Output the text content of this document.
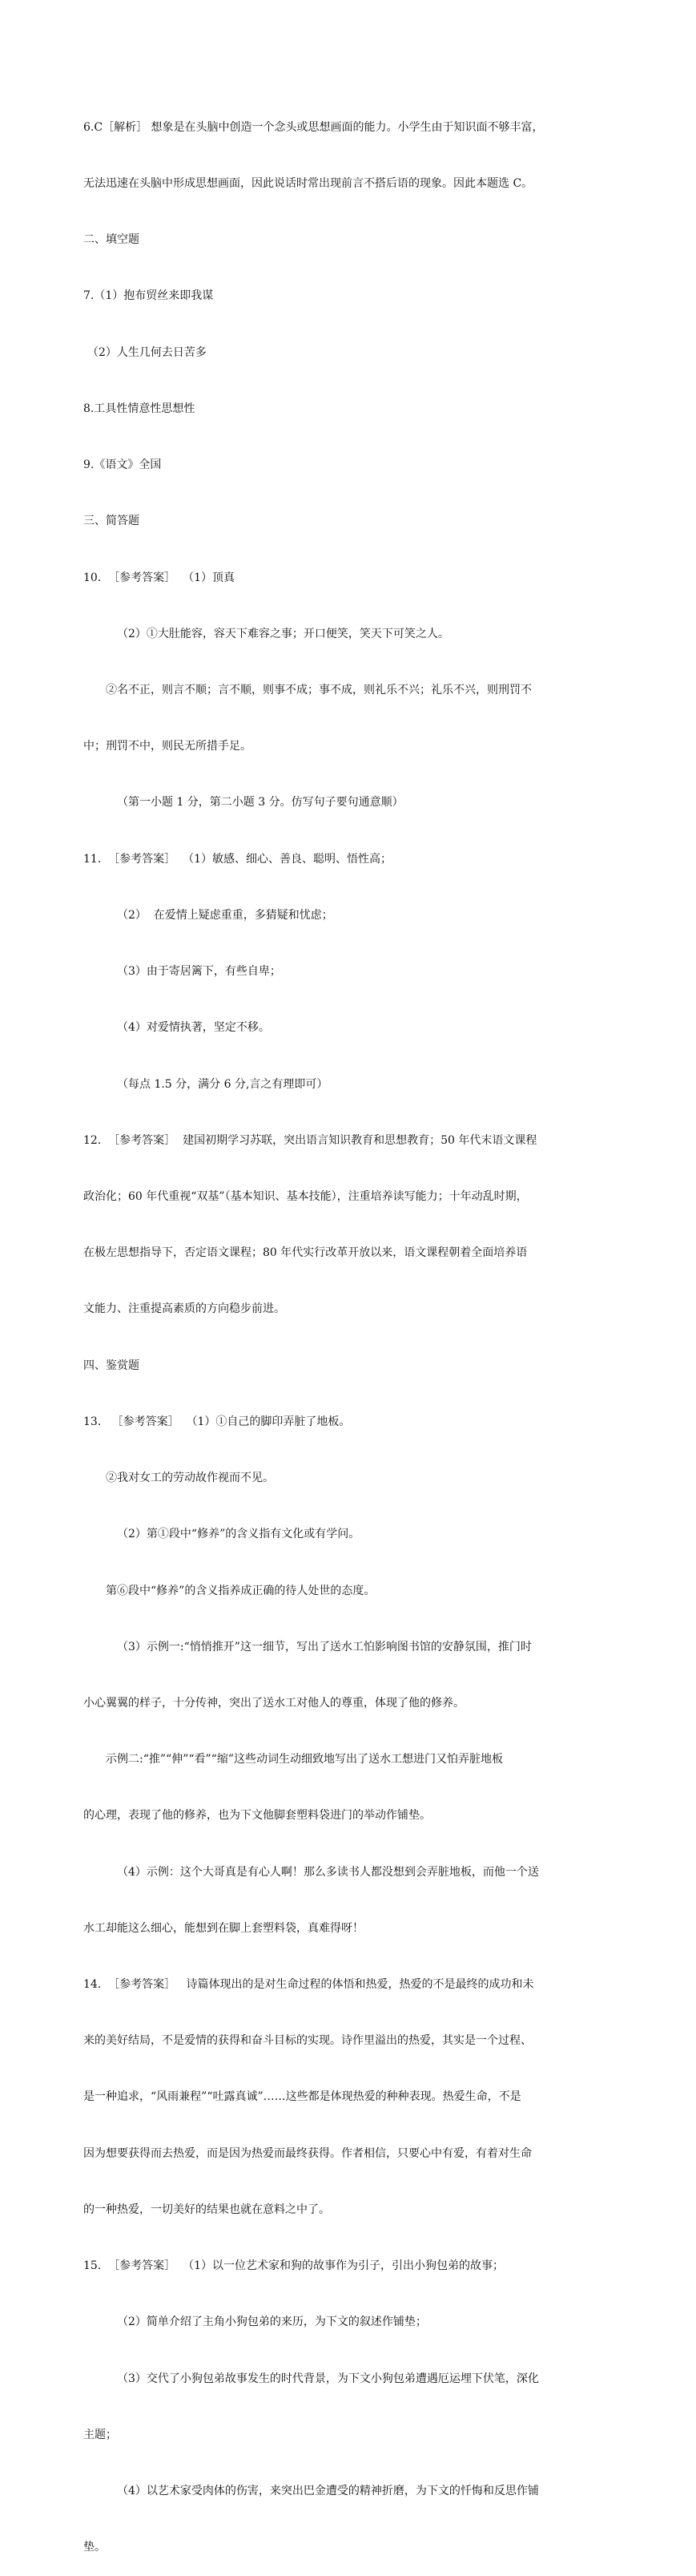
6.C［解析］ 想象是在头脑中创造一个念头或思想画面的能力。小学生由于知识面不够丰富，

无法迅速在头脑中形成思想画面，因此说话时常出现前言不搭后语的现象。因此本题选 C。

二、填空题

7.（1）抱布贸丝来即我谋

（2）人生几何去日苦多

8.工具性情意性思想性

9.《语文》全国

三、简答题

10.  ［参考答案］  （1）顶真

（2）①大肚能容，容天下难容之事；开口便笑，笑天下可笑之人。

②名不正，则言不顺；言不顺，则事不成；事不成，则礼乐不兴；礼乐不兴，则刑罚不

中；刑罚不中，则民无所措手足。

（第一小题 1 分，第二小题 3 分。仿写句子要句通意顺）

11.  ［参考答案］  （1）敏感、细心、善良、聪明、悟性高；

（2）  在爱情上疑虑重重，多猜疑和忧虑；

（3）由于寄居篱下，有些自卑；

（4）对爱情执著，坚定不移。

（每点 1.5 分，满分 6 分,言之有理即可）

12.  ［参考答案］  建国初期学习苏联，突出语言知识教育和思想教育；50 年代末语文课程

政治化；60 年代重视“双基”（基本知识、基本技能），注重培养读写能力；十年动乱时期，

在极左思想指导下，否定语文课程；80 年代实行改革开放以来，语文课程朝着全面培养语

文能力、注重提高素质的方向稳步前进。

四、鉴赏题

13.   ［参考答案］  （1）①自己的脚印弄脏了地板。

②我对女工的劳动故作视而不见。

（2）第①段中“修养”的含义指有文化或有学问。

第⑥段中“修养”的含义指养成正确的待人处世的态度。

（3）示例一:“悄悄推开”这一细节，写出了送水工怕影响图书馆的安静氛围，推门时

小心翼翼的样子，十分传神，突出了送水工对他人的尊重，体现了他的修养。

示例二:“推”“伸”“看”“缩”这些动词生动细致地写出了送水工想进门又怕弄脏地板

的心理，表现了他的修养，也为下文他脚套塑料袋进门的举动作铺垫。

（4）示例：这个大哥真是有心人啊！那么多读书人都没想到会弄脏地板，而他一个送

水工却能这么细心，能想到在脚上套塑料袋，真难得呀！

14.  ［参考答案］   诗篇体现出的是对生命过程的体悟和热爱，热爱的不是最终的成功和未

来的美好结局，不是爱情的获得和奋斗目标的实现。诗作里溢出的热爱，其实是一个过程、

是一种追求，“风雨兼程”“吐露真诚”……这些都是体现热爱的种种表现。热爱生命，不是

因为想要获得而去热爱，而是因为热爱而最终获得。作者相信，只要心中有爱，有着对生命

的一种热爱，一切美好的结果也就在意料之中了。

15.  ［参考答案］  （1）以一位艺术家和狗的故事作为引子，引出小狗包弟的故事；

（2）简单介绍了主角小狗包弟的来历，为下文的叙述作铺垫；

（3）交代了小狗包弟故事发生的时代背景，为下文小狗包弟遭遇厄运埋下伏笔，深化

主题；

（4）以艺术家受肉体的伤害，来突出巴金遭受的精神折磨，为下文的忏悔和反思作铺

垫。
